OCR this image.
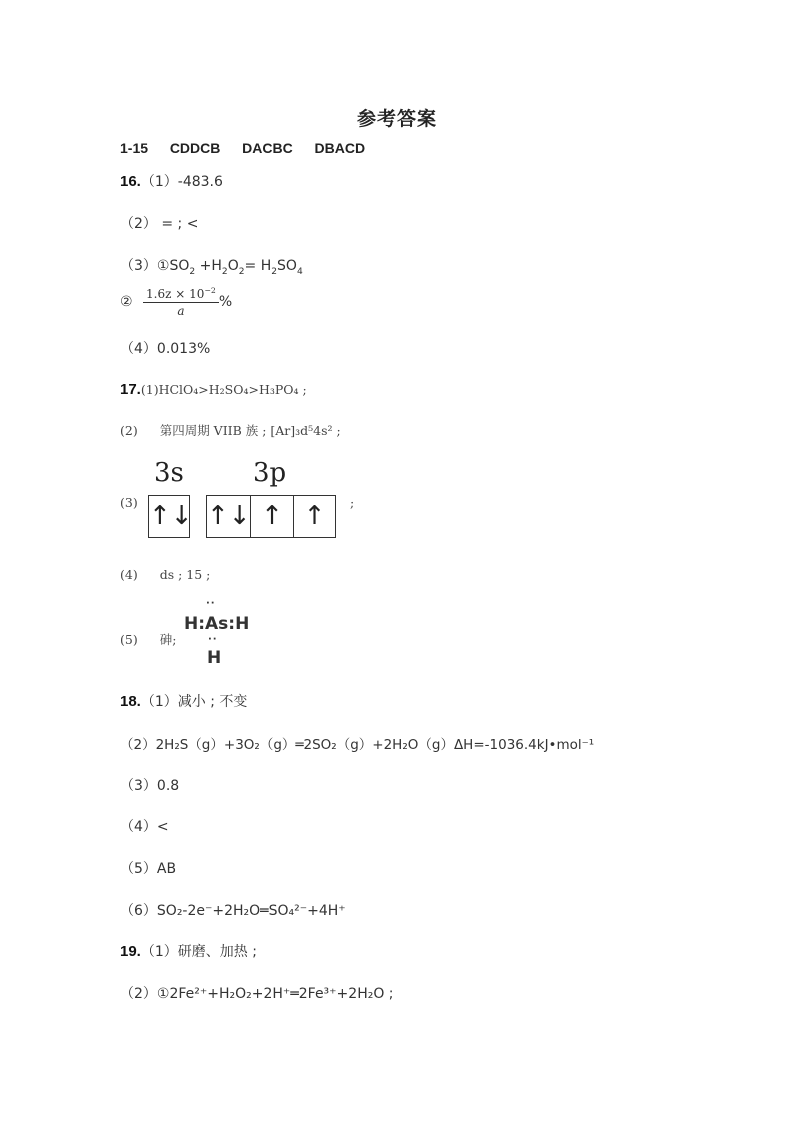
参考答案
1-15 CDDCB DACBC DBACD
16.（1）-483.6
（2） = ; <
$(3)①SO_2 +H_2O_2= H_2SO_4$
② $\frac{1.6z \times 10^{-2}}{a}$ %
（4）0.013%
17.(1)HClO₄>H₂SO₄>H₃PO₄ ;
(2) 第四周期 VIIB 族 ; [Ar]₃d⁵4s² ;
(3)
3s	3p
↑↓ ↑↓ ↑ ↑	;
(4) ds ; 15 ;
(5) 砷;
··
H:As:H
··
H
18.（1）减小 ; 不变
（2）2H₂S（g）+3O₂（g）═2SO₂（g）+2H₂O（g）ΔH=-1036.4kJ•mol⁻¹
（3）0.8
（4）<
（5）AB
（6）SO₂-2e⁻+2H₂O═SO₄²⁻+4H⁺
19.（1）研磨、加热 ;
（2）①2Fe²⁺+H₂O₂+2H⁺═2Fe³⁺+2H₂O ;
